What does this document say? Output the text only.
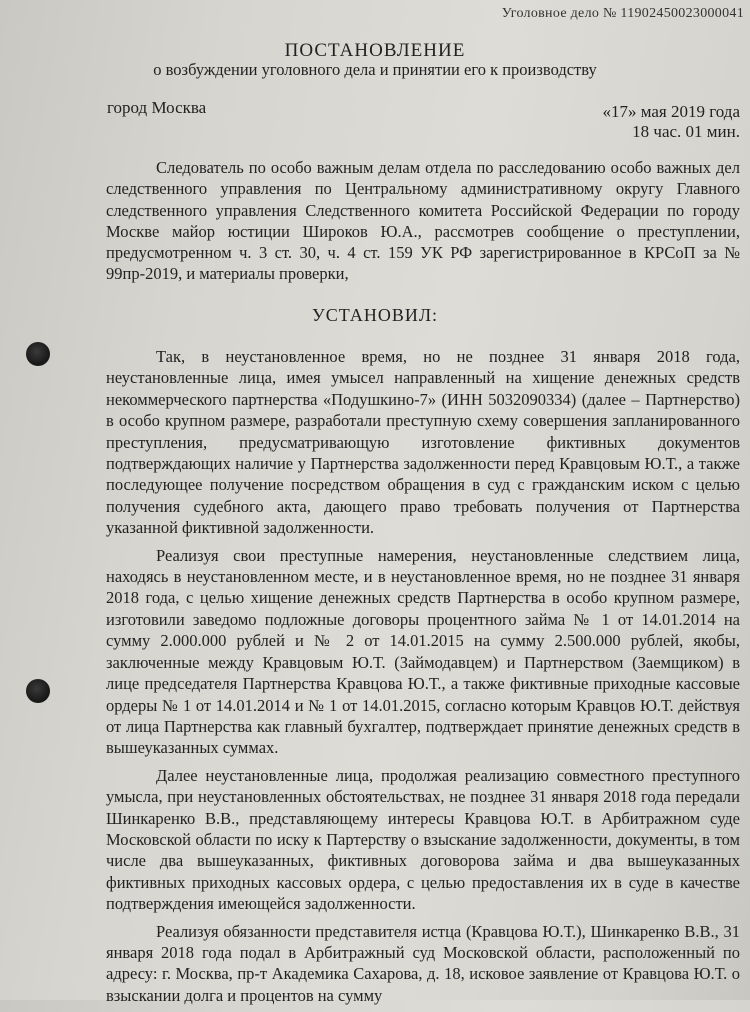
Уголовное дело № 11902450023000041
ПОСТАНОВЛЕНИЕ
о возбуждении уголовного дела и принятии его к производству
город Москва	«17» мая 2019 года
18 час. 01 мин.

Следователь по особо важным делам отдела по расследованию особо важных дел следственного управления по Центральному административному округу Главного следственного управления Следственного комитета Российской Федерации по городу Москве майор юстиции Широков Ю.А., рассмотрев сообщение о преступлении, предусмотренном ч. 3 ст. 30, ч. 4 ст. 159 УК РФ зарегистрированное в КРСоП за № 99пр-2019, и материалы проверки,

УСТАНОВИЛ:

Так, в неустановленное время, но не позднее 31 января 2018 года, неустановленные лица, имея умысел направленный на хищение денежных средств некоммерческого партнерства «Подушкино-7» (ИНН 5032090334) (далее – Партнерство) в особо крупном размере, разработали преступную схему совершения запланированного преступления, предусматривающую изготовление фиктивных документов подтверждающих наличие у Партнерства задолженности перед Кравцовым Ю.Т., а также последующее получение посредством обращения в суд с гражданским иском с целью получения судебного акта, дающего право требовать получения от Партнерства указанной фиктивной задолженности.

Реализуя свои преступные намерения, неустановленные следствием лица, находясь в неустановленном месте, и в неустановленное время, но не позднее 31 января 2018 года, с целью хищение денежных средств Партнерства в особо крупном размере, изготовили заведомо подложные договоры процентного займа № 1 от 14.01.2014 на сумму 2.000.000 рублей и № 2 от 14.01.2015 на сумму 2.500.000 рублей, якобы, заключенные между Кравцовым Ю.Т. (Займодавцем) и Партнерством (Заемщиком) в лице председателя Партнерства Кравцова Ю.Т., а также фиктивные приходные кассовые ордеры № 1 от 14.01.2014 и № 1 от 14.01.2015, согласно которым Кравцов Ю.Т. действуя от лица Партнерства как главный бухгалтер, подтверждает принятие денежных средств в вышеуказанных суммах.

Далее неустановленные лица, продолжая реализацию совместного преступного умысла, при неустановленных обстоятельствах, не позднее 31 января 2018 года передали Шинкаренко В.В., представляющему интересы Кравцова Ю.Т. в Арбитражном суде Московской области по иску к Партерству о взыскание задолженности, документы, в том числе два вышеуказанных, фиктивных договорова займа и два вышеуказанных фиктивных приходных кассовых ордера, с целью предоставления их в суде в качестве подтверждения имеющейся задолженности.

Реализуя обязанности представителя истца (Кравцова Ю.Т.), Шинкаренко В.В., 31 января 2018 года подал в Арбитражный суд Московской области, расположенный по адресу: г. Москва, пр-т Академика Сахарова, д. 18, исковое заявление от Кравцова Ю.Т. о взыскании долга и процентов на сумму
